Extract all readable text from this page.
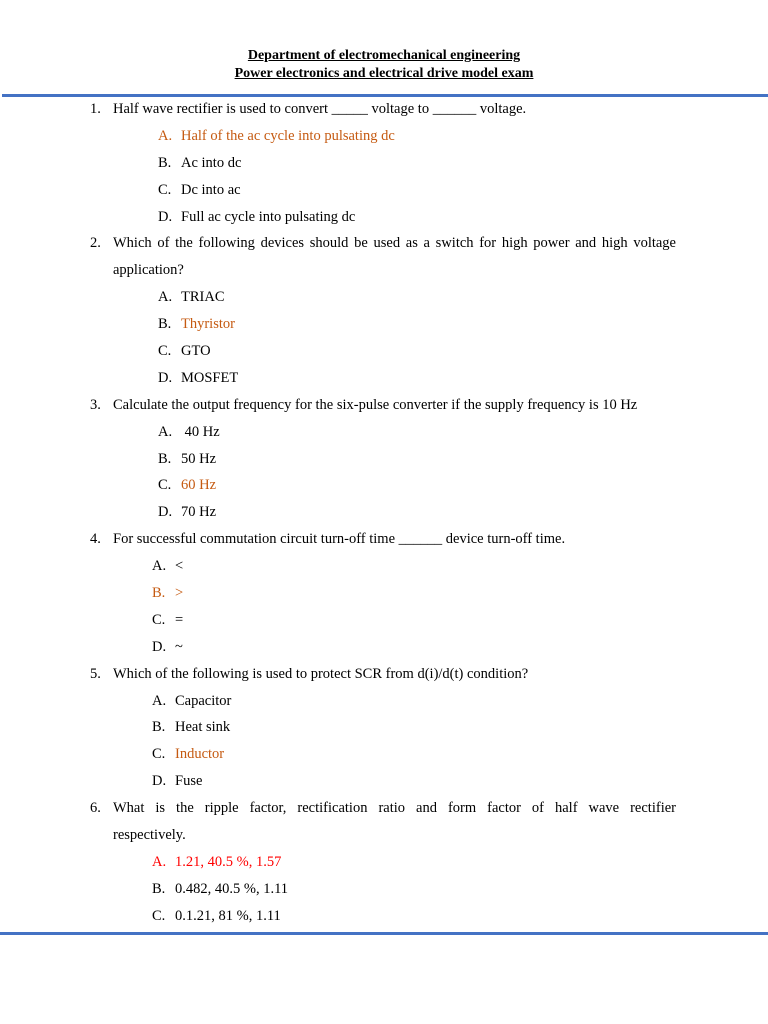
Department of electromechanical engineering
Power electronics and electrical drive model exam
1. Half wave rectifier is used to convert _____ voltage to ______ voltage.
A. Half of the ac cycle into pulsating dc
B. Ac into dc
C. Dc into ac
D. Full ac cycle into pulsating dc
2. Which of the following devices should be used as a switch for high power and high voltage
application?
A. TRIAC
B. Thyristor
C. GTO
D. MOSFET
3. Calculate the output frequency for the six-pulse converter if the supply frequency is 10 Hz
A. 40 Hz
B. 50 Hz
C. 60 Hz
D. 70 Hz
4. For successful commutation circuit turn-off time ______ device turn-off time.
A. <
B. >
C. =
D. ~
5. Which of the following is used to protect SCR from d(i)/d(t) condition?
A. Capacitor
B. Heat sink
C. Inductor
D. Fuse
6. What is the ripple factor, rectification ratio and form factor of half wave rectifier
respectively.
A. 1.21, 40.5 %, 1.57
B. 0.482, 40.5 %, 1.11
C. 0.1.21, 81 %, 1.11
